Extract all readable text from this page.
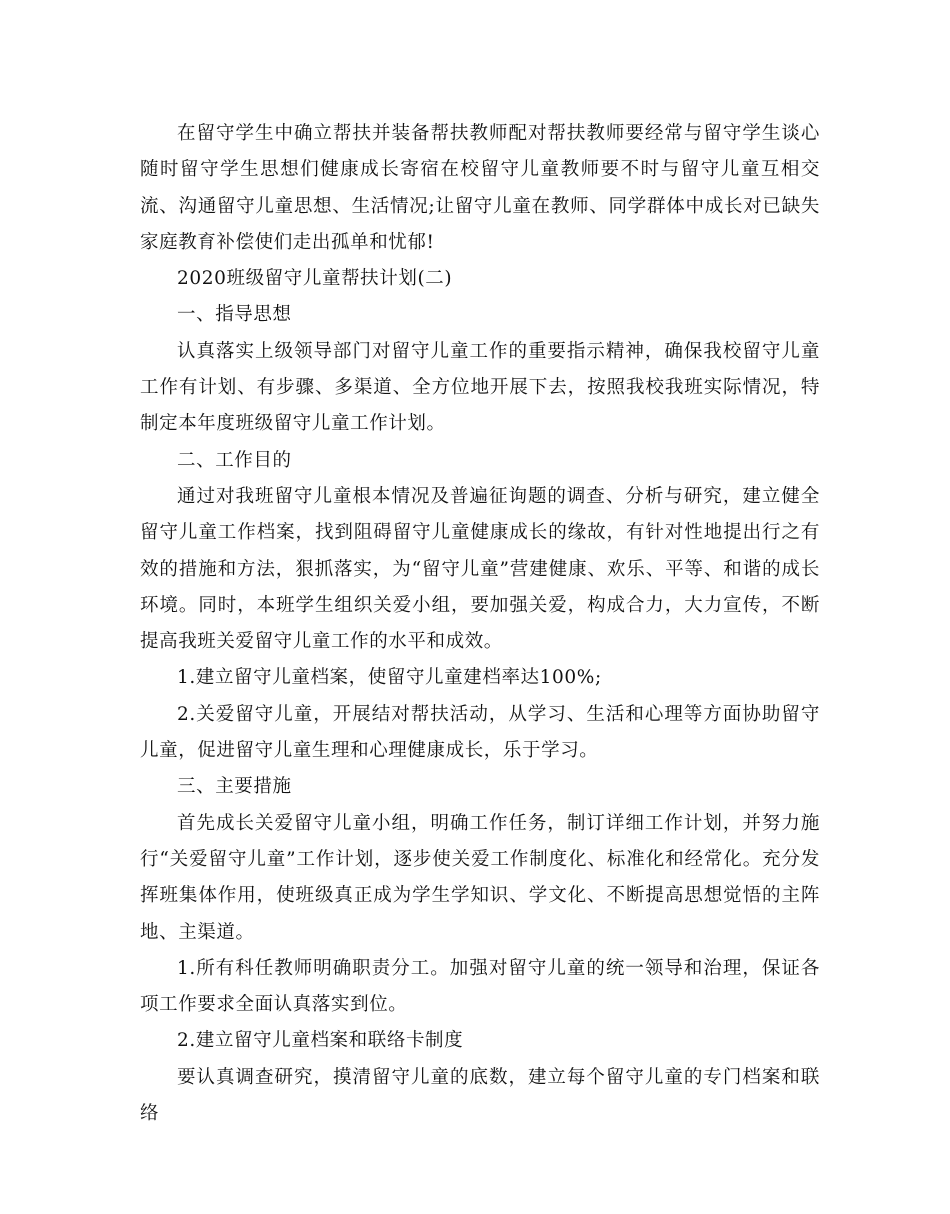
在留守学生中确立帮扶并装备帮扶教师配对帮扶教师要经常与留守学生谈心随时留守学生思想们健康成长寄宿在校留守儿童教师要不时与留守儿童互相交流、沟通留守儿童思想、生活情况;让留守儿童在教师、同学群体中成长对已缺失家庭教育补偿使们走出孤单和忧郁!

2020班级留守儿童帮扶计划(二)

一、指导思想

认真落实上级领导部门对留守儿童工作的重要指示精神，确保我校留守儿童工作有计划、有步骤、多渠道、全方位地开展下去，按照我校我班实际情况，特制定本年度班级留守儿童工作计划。

二、工作目的

通过对我班留守儿童根本情况及普遍征询题的调查、分析与研究，建立健全留守儿童工作档案，找到阻碍留守儿童健康成长的缘故，有针对性地提出行之有效的措施和方法，狠抓落实，为“留守儿童”营建健康、欢乐、平等、和谐的成长环境。同时，本班学生组织关爱小组，要加强关爱，构成合力，大力宣传，不断提高我班关爱留守儿童工作的水平和成效。

1.建立留守儿童档案，使留守儿童建档率达100%;

2.关爱留守儿童，开展结对帮扶活动，从学习、生活和心理等方面协助留守儿童，促进留守儿童生理和心理健康成长，乐于学习。

三、主要措施

首先成长关爱留守儿童小组，明确工作任务，制订详细工作计划，并努力施行“关爱留守儿童”工作计划，逐步使关爱工作制度化、标准化和经常化。充分发挥班集体作用，使班级真正成为学生学知识、学文化、不断提高思想觉悟的主阵地、主渠道。

1.所有科任教师明确职责分工。加强对留守儿童的统一领导和治理，保证各项工作要求全面认真落实到位。

2.建立留守儿童档案和联络卡制度

要认真调查研究，摸清留守儿童的底数，建立每个留守儿童的专门档案和联络
